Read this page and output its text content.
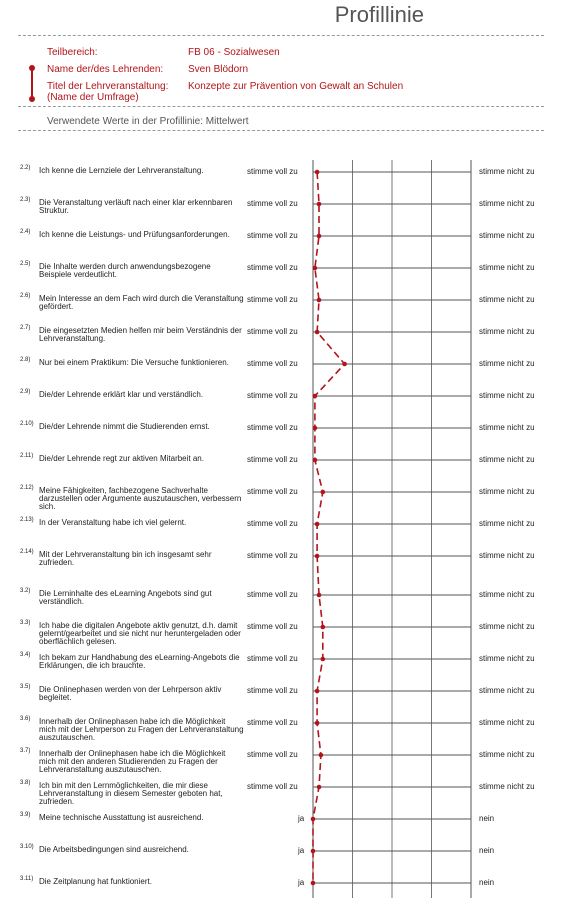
Profillinie
Teilbereich:	FB 06 - Sozialwesen
Name der/des Lehrenden: Sven Blödorn
Titel der Lehrveranstaltung:
(Name der Umfrage)
Konzepte zur Prävention von Gewalt an Schulen
Verwendete Werte in der Profillinie: Mittelwert
2.2) Ich kenne die Lernziele der Lehrveranstaltung.	stimme voll zu	stimme nicht zu
2.3) Die Veranstaltung verläuft nach einer klar erkennbaren Struktur.
stimme voll zu	stimme nicht zu
2.4) Ich kenne die Leistungs- und Prüfungsanforderungen.	stimme voll zu	stimme nicht zu
2.5) Die Inhalte werden durch anwendungsbezogene Beispiele verdeutlicht.
stimme voll zu	stimme nicht zu
2.6) Mein Interesse an dem Fach wird durch die Veranstaltung gefördert.
stimme voll zu	stimme nicht zu
2.7) Die eingesetzten Medien helfen mir beim Verständnis der Lehrveranstaltung.
stimme voll zu	stimme nicht zu
2.8) Nur bei einem Praktikum: Die Versuche funktionieren.	stimme voll zu	stimme nicht zu
2.9) Die/der Lehrende erklärt klar und verständlich.	stimme voll zu	stimme nicht zu
2.10) Die/der Lehrende nimmt die Studierenden ernst.	stimme voll zu	stimme nicht zu
2.11) Die/der Lehrende regt zur aktiven Mitarbeit an.	stimme voll zu	stimme nicht zu
2.12) Meine Fähigkeiten, fachbezogene Sachverhalte darzustellen oder Argumente auszutauschen, verbessern sich.
stimme voll zu	stimme nicht zu
2.13) In der Veranstaltung habe ich viel gelernt.	stimme voll zu	stimme nicht zu
2.14) Mit der Lehrveranstaltung bin ich insgesamt sehr zufrieden.
stimme voll zu	stimme nicht zu
3.2) Die Lerninhalte des eLearning Angebots sind gut verständlich.
stimme voll zu	stimme nicht zu
3.3) Ich habe die digitalen Angebote aktiv genutzt, d.h. damit gelernt/gearbeitet und sie nicht nur heruntergeladen oder oberflächlich gelesen.
stimme voll zu	stimme nicht zu
3.4) Ich bekam zur Handhabung des eLearning-Angebots die Erklärungen, die ich brauchte.
stimme voll zu	stimme nicht zu
3.5) Die Onlinephasen werden von der Lehrperson aktiv begleitet.
stimme voll zu	stimme nicht zu
3.6) Innerhalb der Onlinephasen habe ich die Möglichkeit mich mit der Lehrperson zu Fragen der Lehrveranstaltung auszutauschen.
stimme voll zu	stimme nicht zu
3.7) Innerhalb der Onlinephasen habe ich die Möglichkeit mich mit den anderen Studierenden zu Fragen der Lehrveranstaltung auszutauschen.
stimme voll zu	stimme nicht zu
3.8) Ich bin mit den Lernmöglichkeiten, die mir diese Lehrveranstaltung in diesem Semester geboten hat, zufrieden.
stimme voll zu	stimme nicht zu
3.9) Meine technische Ausstattung ist ausreichend.	ja	nein
3.10) Die Arbeitsbedingungen sind ausreichend.	ja	nein
3.11) Die Zeitplanung hat funktioniert.	ja	nein
